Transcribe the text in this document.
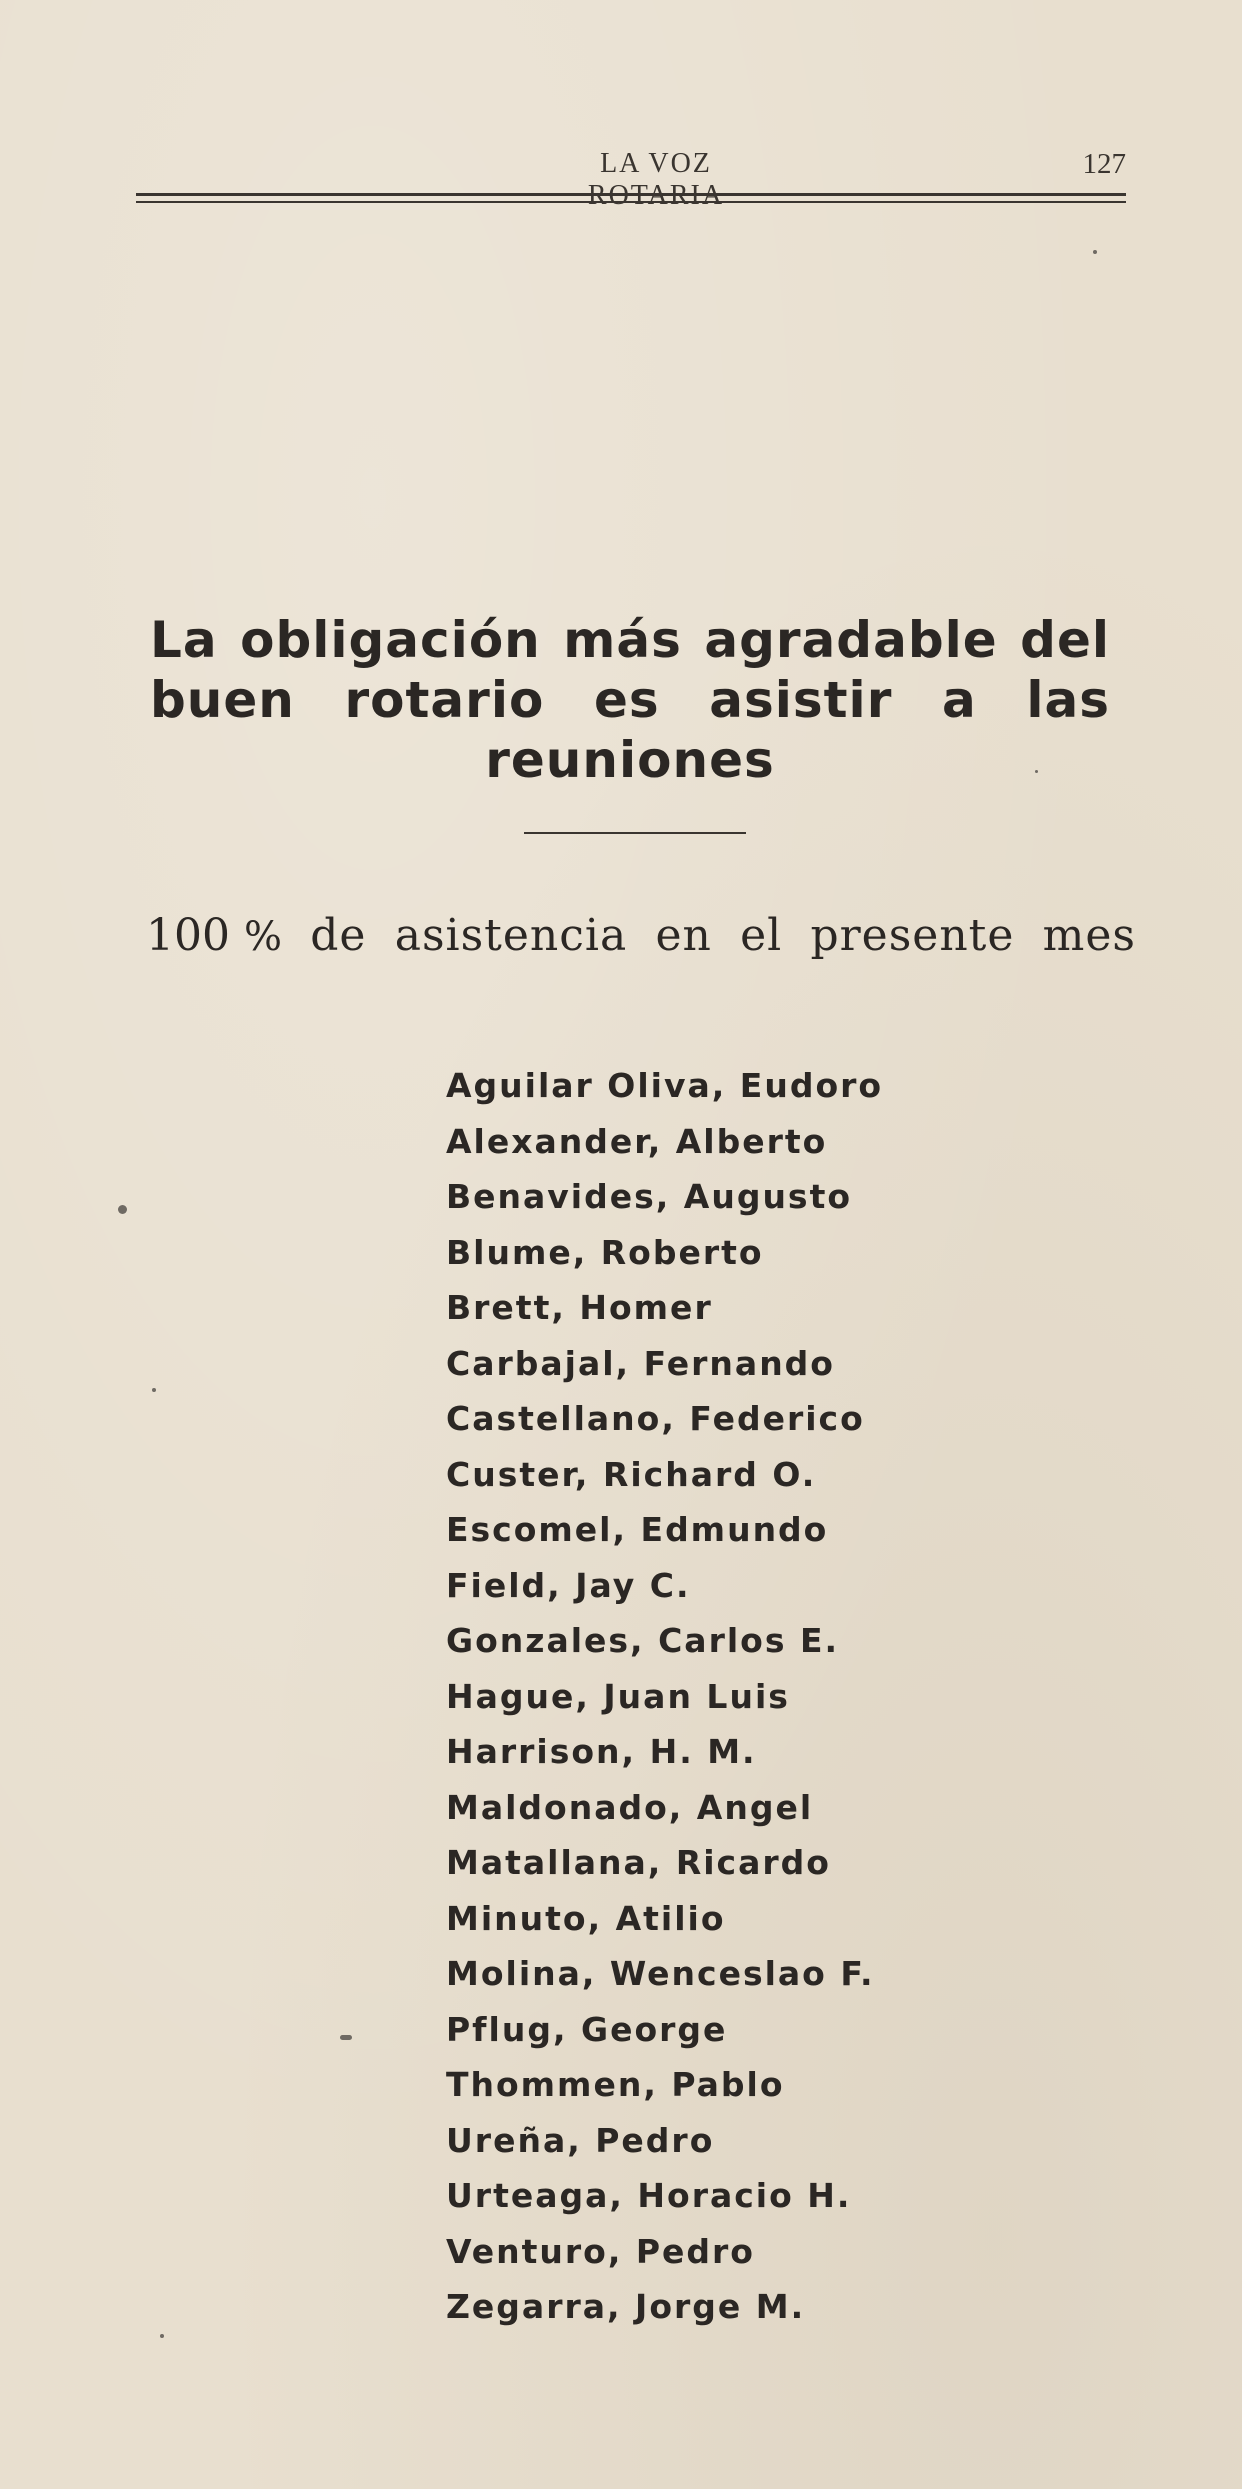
LA VOZ ROTARIA
127
La obligación más agradable del
buen rotario es asistir a las
reuniones
100 % de asistencia en el presente mes
Aguilar Oliva, Eudoro
Alexander, Alberto
Benavides, Augusto
Blume, Roberto
Brett, Homer
Carbajal, Fernando
Castellano, Federico
Custer, Richard O.
Escomel, Edmundo
Field, Jay C.
Gonzales, Carlos E.
Hague, Juan Luis
Harrison, H. M.
Maldonado, Angel
Matallana, Ricardo
Minuto, Atilio
Molina, Wenceslao F.
Pflug, George
Thommen, Pablo
Ureña, Pedro
Urteaga, Horacio H.
Venturo, Pedro
Zegarra, Jorge M.
